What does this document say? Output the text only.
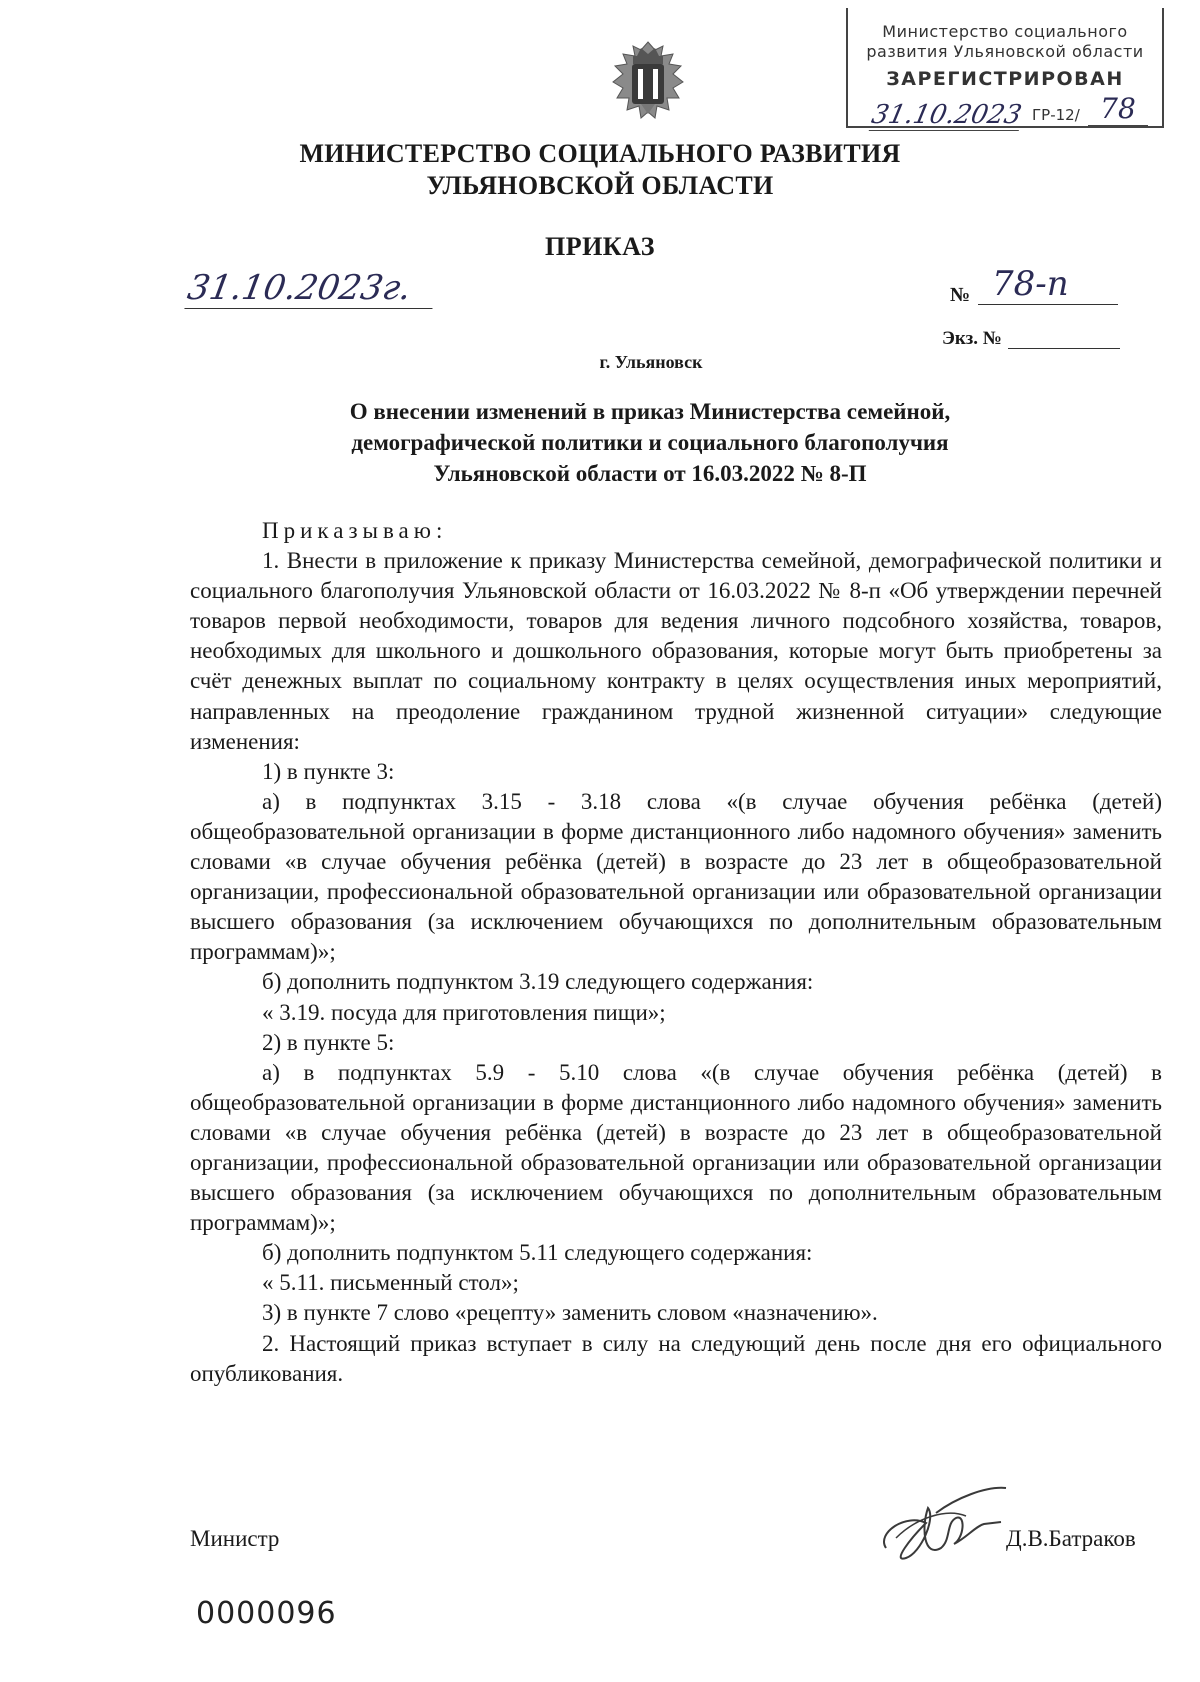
Министерство социального
развития Ульяновской области
ЗАРЕГИСТРИРОВАН
31.10.2023 ГР-12/ 78
МИНИСТЕРСТВО СОЦИАЛЬНОГО РАЗВИТИЯ
УЛЬЯНОВСКОЙ ОБЛАСТИ
ПРИКАЗ
31.10.2023г.	№ 78-п
Экз. №
г. Ульяновск
О внесении изменений в приказ Министерства семейной,
демографической политики и социального благополучия
Ульяновской области от 16.03.2022 № 8-П

Приказываю:

1. Внести в приложение к приказу Министерства семейной, демографической политики и социального благополучия Ульяновской области от 16.03.2022 № 8-п «Об утверждении перечней товаров первой необходимости, товаров для ведения личного подсобного хозяйства, товаров, необходимых для школьного и дошкольного образования, которые могут быть приобретены за счёт денежных выплат по социальному контракту в целях осуществления иных мероприятий, направленных на преодоление гражданином трудной жизненной ситуации» следующие изменения:

1) в пункте 3:

а) в подпунктах 3.15 - 3.18 слова «(в случае обучения ребёнка (детей) общеобразовательной организации в форме дистанционного либо надомного обучения» заменить словами «в случае обучения ребёнка (детей) в возрасте до 23 лет в общеобразовательной организации, профессиональной образовательной организации или образовательной организации высшего образования (за исключением обучающихся по дополнительным образовательным программам)»;

б) дополнить подпунктом 3.19 следующего содержания:

« 3.19. посуда для приготовления пищи»;

2) в пункте 5:

а) в подпунктах 5.9 - 5.10 слова «(в случае обучения ребёнка (детей) в общеобразовательной организации в форме дистанционного либо надомного обучения» заменить словами «в случае обучения ребёнка (детей) в возрасте до 23 лет в общеобразовательной организации, профессиональной образовательной организации или образовательной организации высшего образования (за исключением обучающихся по дополнительным образовательным программам)»;

б) дополнить подпунктом 5.11 следующего содержания:

« 5.11. письменный стол»;

3) в пункте 7 слово «рецепту» заменить словом «назначению».

2. Настоящий приказ вступает в силу на следующий день после дня его официального опубликования.

Министр	Д.В.Батраков
0000096
